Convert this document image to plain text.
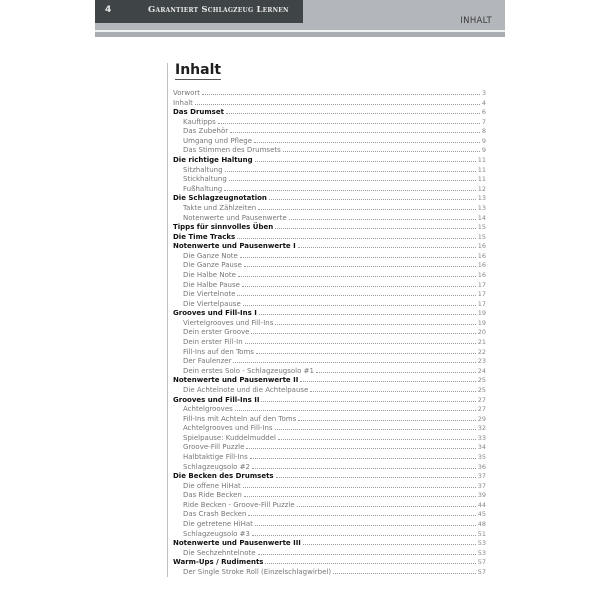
4	Garantiert Schlagzeug Lernen
INHALT
Inhalt
Vorwort	3
Inhalt	4
Das Drumset	6
Kauftipps	7
Das Zubehör	8
Umgang und Pflege	9
Das Stimmen des Drumsets	9
Die richtige Haltung	11
Sitzhaltung	11
Stickhaltung	11
Fußhaltung	12
Die Schlagzeugnotation	13
Takte und Zählzeiten	13
Notenwerte und Pausenwerte	14
Tipps für sinnvolles Üben	15
Die Time Tracks	15
Notenwerte und Pausenwerte I	16
Die Ganze Note	16
Die Ganze Pause	16
Die Halbe Note	16
Die Halbe Pause	17
Die Viertelnote	17
Die Viertelpause	17
Grooves und Fill-Ins I	19
Viertelgrooves und Fill-Ins	19
Dein erster Groove	20
Dein erster Fill-In	21
Fill-Ins auf den Toms	22
Der Faulenzer	23
Dein erstes Solo - Schlagzeugsolo #1	24
Notenwerte und Pausenwerte II	25
Die Achtelnote und die Achtelpause	25
Grooves und Fill-Ins II	27
Achtelgrooves	27
Fill-Ins mit Achteln auf den Toms	29
Achtelgrooves und Fill-Ins	32
Spielpause: Kuddelmuddel	33
Groove-Fill Puzzle	34
Halbtaktige Fill-Ins	35
Schlagzeugsolo #2	36
Die Becken des Drumsets	37
Die offene HiHat	37
Das Ride Becken	39
Ride Becken - Groove-Fill Puzzle	44
Das Crash Becken	45
Die getretene HiHat	48
Schlagzeugsolo #3	51
Notenwerte und Pausenwerte III	53
Die Sechzehntelnote	53
Warm-Ups / Rudiments	57
Der Single Stroke Roll (Einzelschlagwirbel)	57
